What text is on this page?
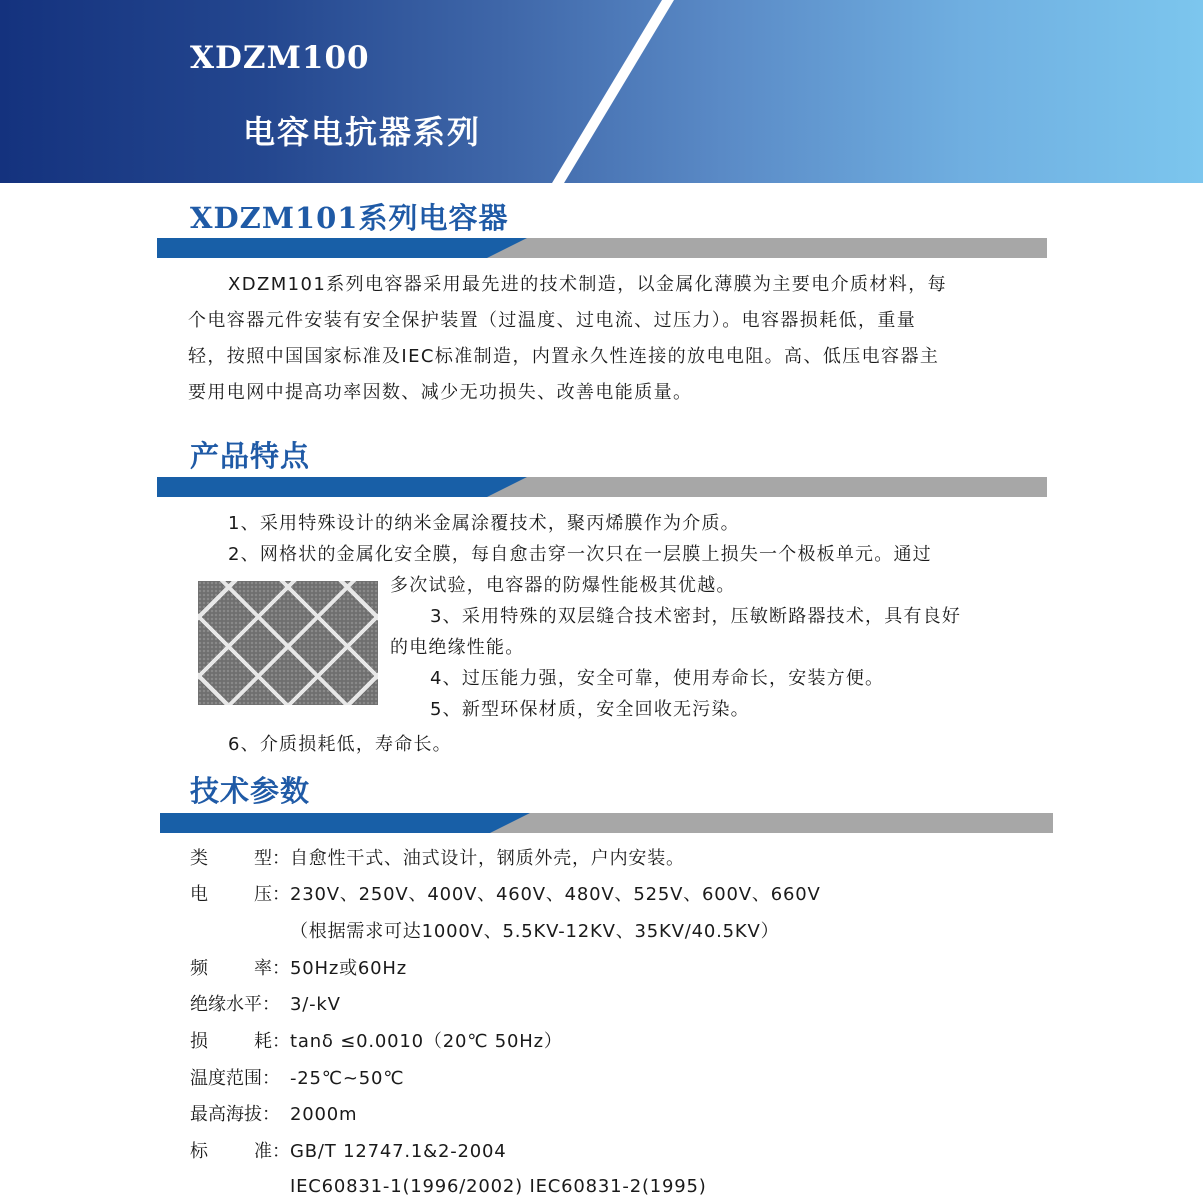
XDZM100
电容电抗器系列
XDZM101系列电容器
XDZM101系列电容器采用最先进的技术制造，以金属化薄膜为主要电介质材料，每
个电容器元件安装有安全保护装置（过温度、过电流、过压力）。电容器损耗低，重量
轻，按照中国国家标准及IEC标准制造，内置永久性连接的放电电阻。高、低压电容器主
要用电网中提高功率因数、减少无功损失、改善电能质量。
产品特点
1、采用特殊设计的纳米金属涂覆技术，聚丙烯膜作为介质。
2、网格状的金属化安全膜，每自愈击穿一次只在一层膜上损失一个极板单元。通过
多次试验，电容器的防爆性能极其优越。
3、采用特殊的双层缝合技术密封，压敏断路器技术，具有良好
的电绝缘性能。
4、过压能力强，安全可靠，使用寿命长，安装方便。
5、新型环保材质，安全回收无污染。
6、介质损耗低，寿命长。
技术参数
类	型： 自愈性干式、油式设计，钢质外壳，户内安装。
电	压： 230V、250V、400V、460V、480V、525V、600V、660V
（根据需求可达1000V、5.5KV-12KV、35KV/40.5KV）
频	率： 50Hz或60Hz
绝缘水平： 3/-kV
损	耗： tanδ ≤0.0010（20℃ 50Hz）
温度范围： -25℃~50℃
最高海拔： 2000m
标	准： GB/T 12747.1&2-2004
IEC60831-1(1996/2002) IEC60831-2(1995)
